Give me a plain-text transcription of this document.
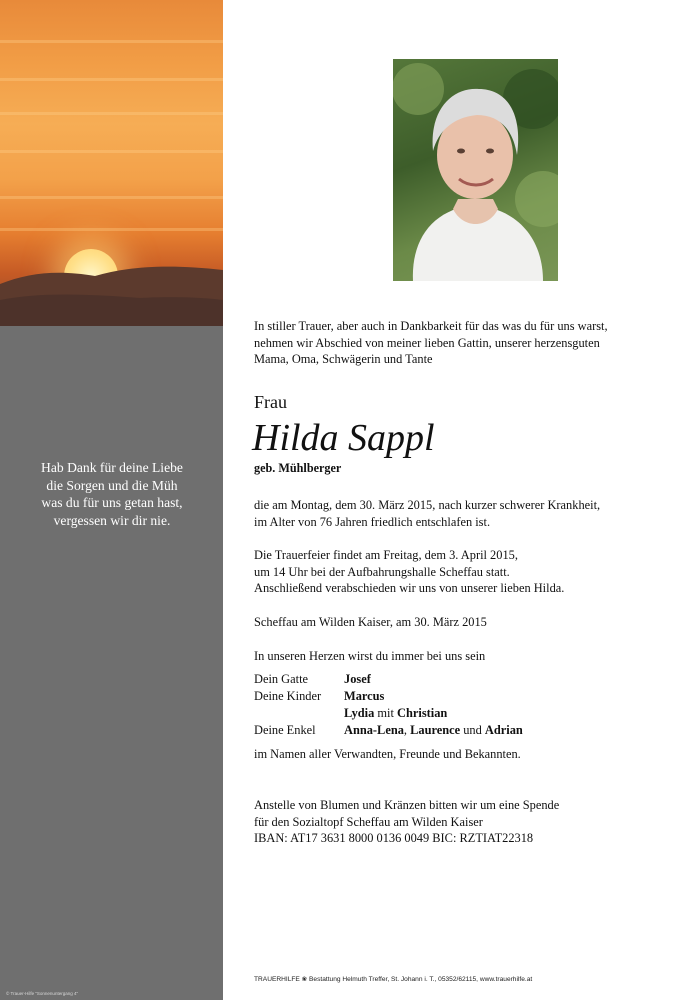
Hab Dank für deine Liebe
die Sorgen und die Müh
was du für uns getan hast,
vergessen wir dir nie.
© Trauer-Hilfe "Sonnenuntergang 4"
In stiller Trauer, aber auch in Dankbarkeit für das was du für uns warst,
nehmen wir Abschied von meiner lieben Gattin, unserer herzensguten
Mama, Oma, Schwägerin und Tante
Frau
Hilda Sappl
geb. Mühlberger
die am Montag, dem 30. März 2015, nach kurzer schwerer Krankheit,
im Alter von 76 Jahren friedlich entschlafen ist.
Die Trauerfeier findet am Freitag, dem 3. April 2015,
um 14 Uhr bei der Aufbahrungshalle Scheffau statt.
Anschließend verabschieden wir uns von unserer lieben Hilda.
Scheffau am Wilden Kaiser, am 30. März 2015
In unseren Herzen wirst du immer bei uns sein
Dein Gatte	Josef
Deine Kinder Marcus
Lydia mit Christian
Deine Enkel Anna-Lena, Laurence und Adrian
im Namen aller Verwandten, Freunde und Bekannten.
Anstelle von Blumen und Kränzen bitten wir um eine Spende
für den Sozialtopf Scheffau am Wilden Kaiser
IBAN: AT17 3631 8000 0136 0049 BIC: RZTIAT22318
TRAUERHILFE ❀ Bestattung Helmuth Treffer, St. Johann i. T., 05352/62115, www.trauerhilfe.at
